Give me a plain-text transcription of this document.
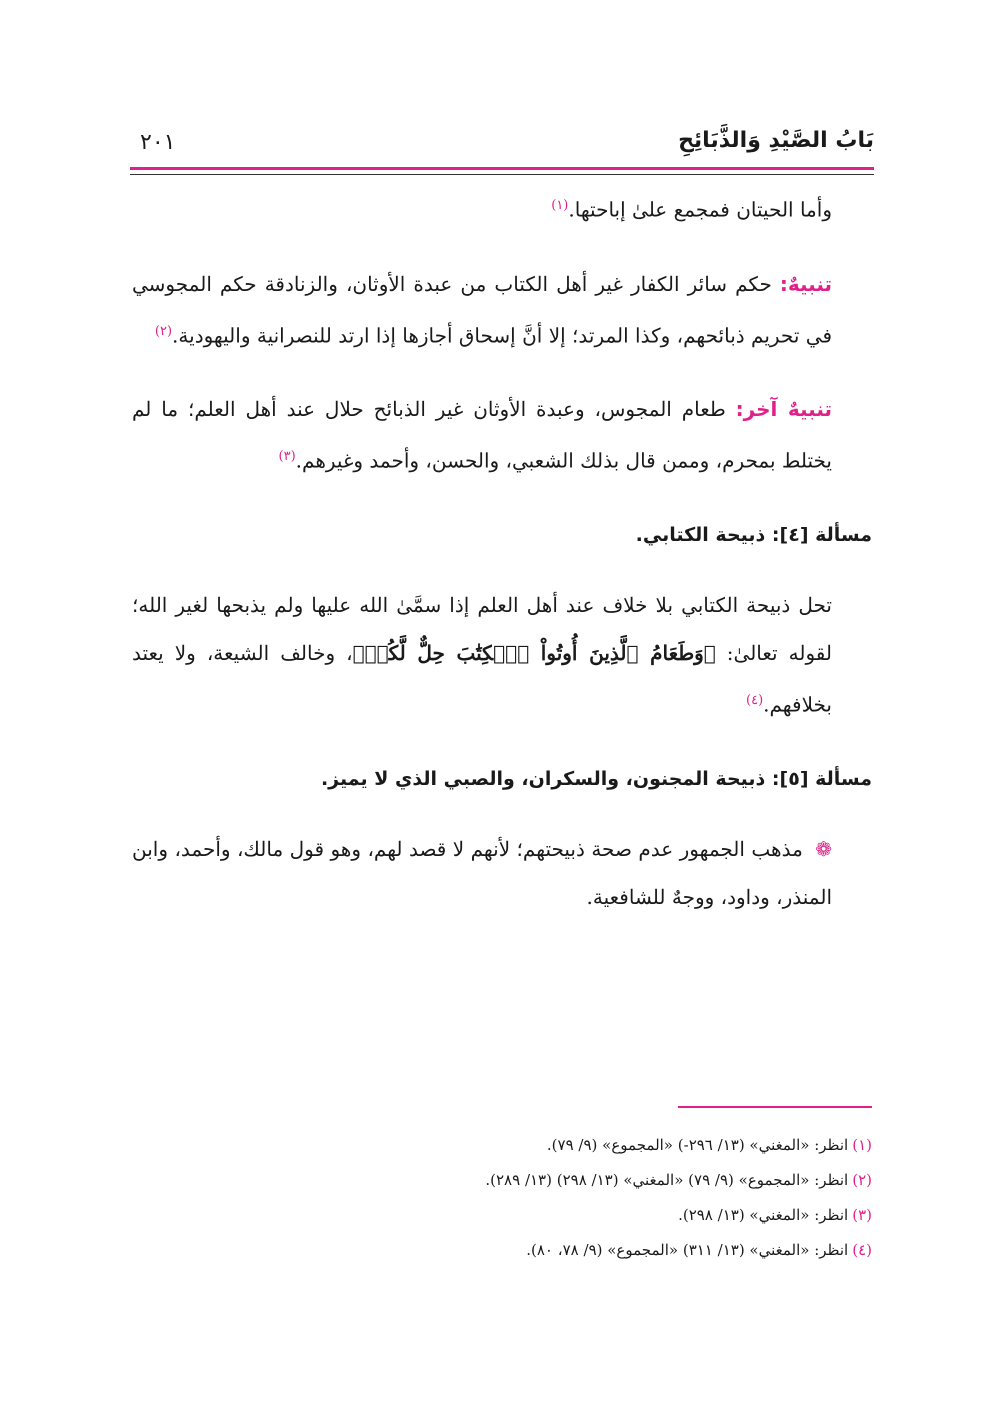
بَابُ الصَّيْدِ وَالذَّبَائِحِ
٢٠١

وأما الحيتان فمجمع علىٰ إباحتها.$^{(١)}$

تنبيهٌ: حكم سائر الكفار غير أهل الكتاب من عبدة الأوثان، والزنادقة حكم المجوسي في تحريم ذبائحهم، وكذا المرتد؛ إلا أنَّ إسحاق أجازها إذا ارتد للنصرانية واليهودية.$^{(٢)}$

تنبيهٌ آخر: طعام المجوس، وعبدة الأوثان غير الذبائح حلال عند أهل العلم؛ ما لم يختلط بمحرم، وممن قال بذلك الشعبي، والحسن، وأحمد وغيرهم.$^{(٣)}$

مسألة [٤]: ذبيحة الكتابي.

تحل ذبيحة الكتابي بلا خلاف عند أهل العلم إذا سمَّىٰ الله عليها ولم يذبحها لغير الله؛ لقوله تعالىٰ: ﴿وَطَعَامُ ٱلَّذِينَ أُوتُواْ ٱلۡكِتَٰبَ حِلٌّ لَّكُمۡ﴾، وخالف الشيعة، ولا يعتد بخلافهم.$^{(٤)}$

مسألة [٥]: ذبيحة المجنون، والسكران، والصبي الذي لا يميز.

❁ مذهب الجمهور عدم صحة ذبيحتهم؛ لأنهم لا قصد لهم، وهو قول مالك، وأحمد، وابن المنذر، وداود، ووجهٌ للشافعية.

(١)انظر: «المغني» (١٣/ ٢٩٦-) «المجموع» (٩/ ٧٩).

(٢)انظر: «المجموع» (٩/ ٧٩) «المغني» (١٣/ ٢٩٨) (١٣/ ٢٨٩).

(٣)انظر: «المغني» (١٣/ ٢٩٨).

(٤)انظر: «المغني» (١٣/ ٣١١) «المجموع» (٩/ ٧٨، ٨٠).
